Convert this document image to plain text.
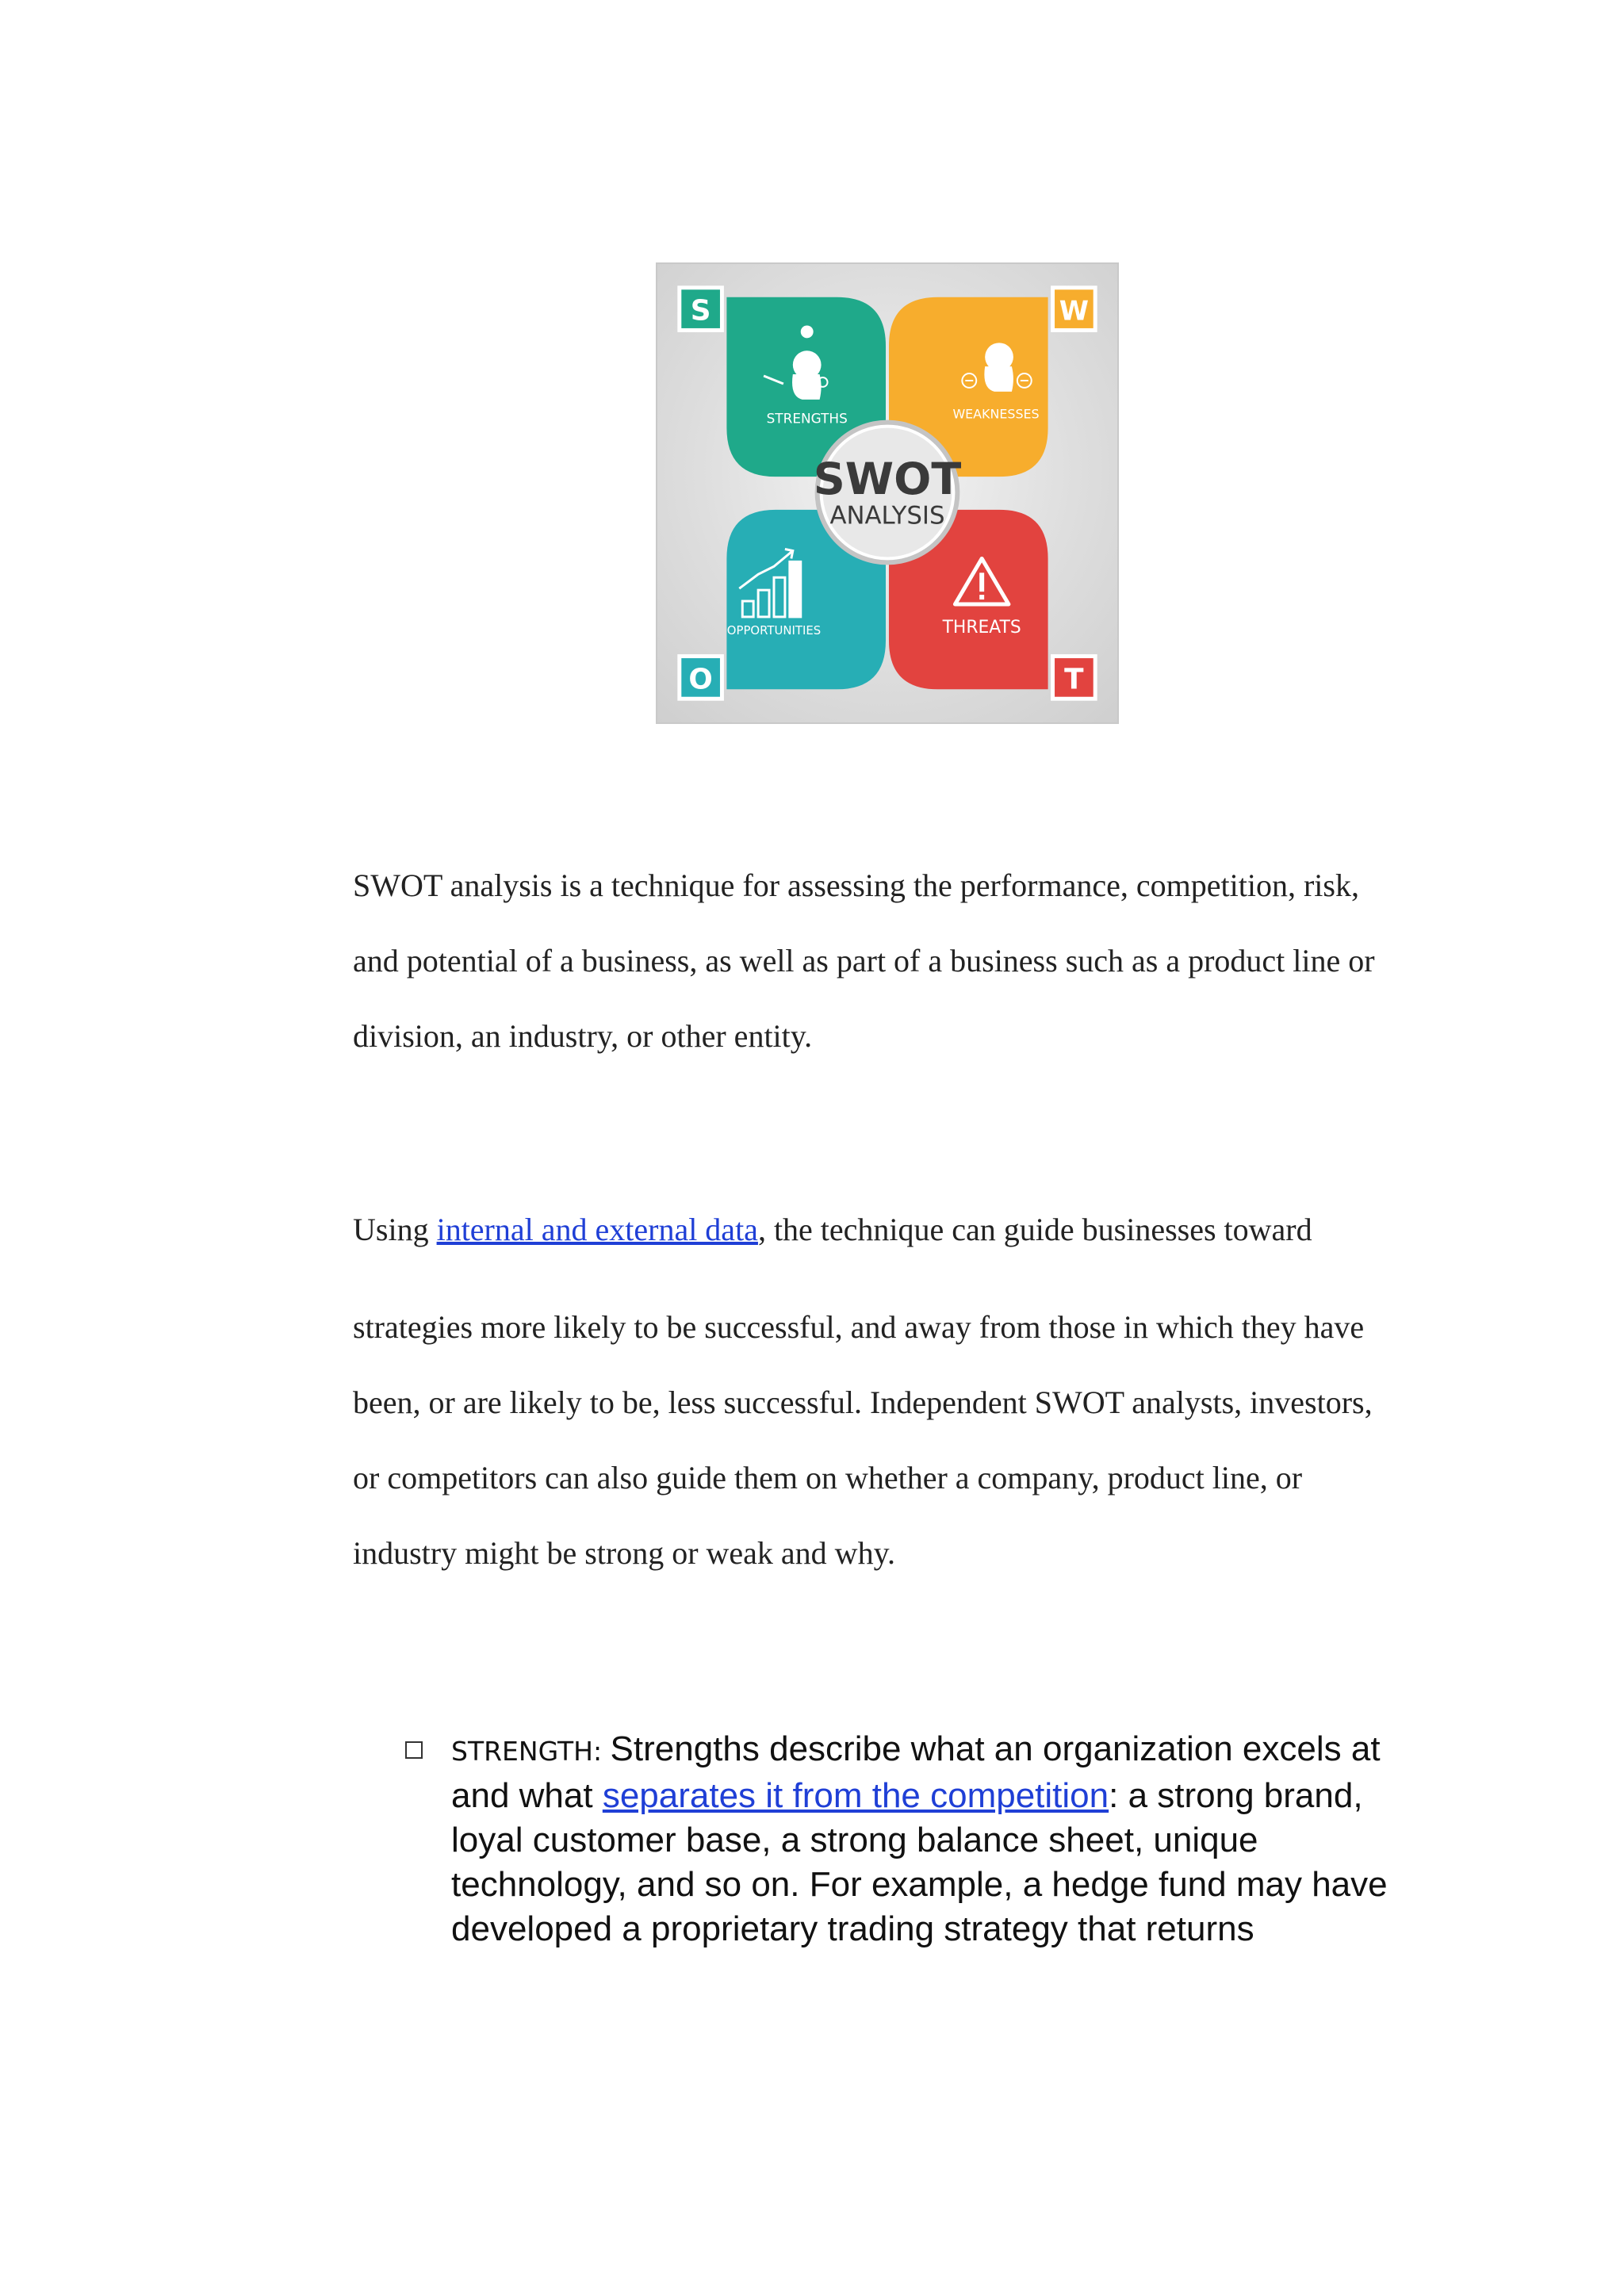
S	W
O	T
STRENGTHS	WEAKNESSES
OPPORTUNITIES	THREATS
SWOT
ANALYSIS

SWOT analysis is a technique for assessing the performance, competition, risk,

and potential of a business, as well as part of a business such as a product line or

division, an industry, or other entity.

Using internal and external data, the technique can guide businesses toward

strategies more likely to be successful, and away from those in which they have

been, or are likely to be, less successful. Independent SWOT analysts, investors,

or competitors can also guide them on whether a company, product line, or

industry might be strong or weak and why.

STRENGTH: Strengths describe what an organization excels at
and what separates it from the competition: a strong brand,
loyal customer base, a strong balance sheet, unique
technology, and so on. For example, a hedge fund may have
developed a proprietary trading strategy that returns
